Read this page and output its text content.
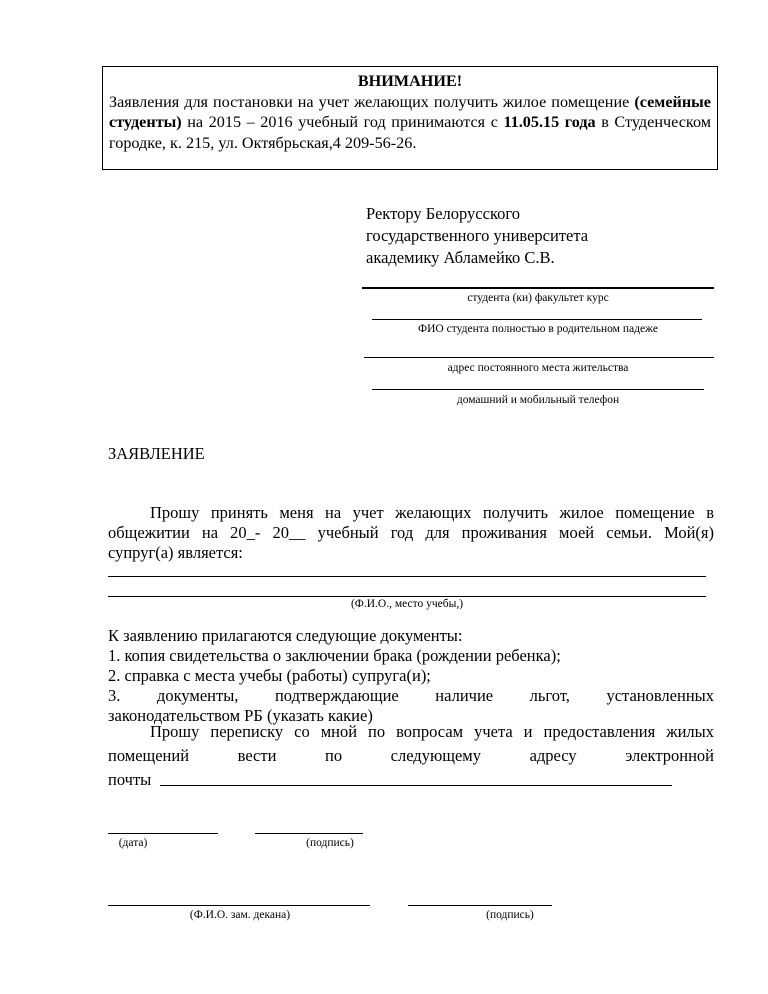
ВНИМАНИЕ!
Заявления для постановки на учет желающих получить жилое помещение (семейные студенты) на 2015 – 2016 учебный год принимаются с 11.05.15 года в Студенческом городке, к. 215, ул. Октябрьская,4 209-56-26.
Ректору Белорусского
государственного университета
академику Абламейко С.В.
студента (ки) факультет курс
ФИО студента полностью в родительном падеже
адрес постоянного места жительства
домашний и мобильный телефон
ЗАЯВЛЕНИЕ
Прошу принять меня на учет желающих получить жилое помещение в
общежитии на 20_- 20__ учебный год для проживания моей семьи. Мой(я)
супруг(а) является:
(Ф.И.О., место учебы,)
К заявлению прилагаются следующие документы:
1. копия свидетельства о заключении брака (рождении ребенка);
2. справка с места учебы (работы) супруга(и);
3. документы, подтверждающие наличие льгот, установленных
законодательством РБ (указать какие)
Прошу переписку со мной по вопросам учета и предоставления жилых
помещений вести по следующему адресу электронной
почты
(дата)	(подпись)
(Ф.И.О. зам. декана)	(подпись)
